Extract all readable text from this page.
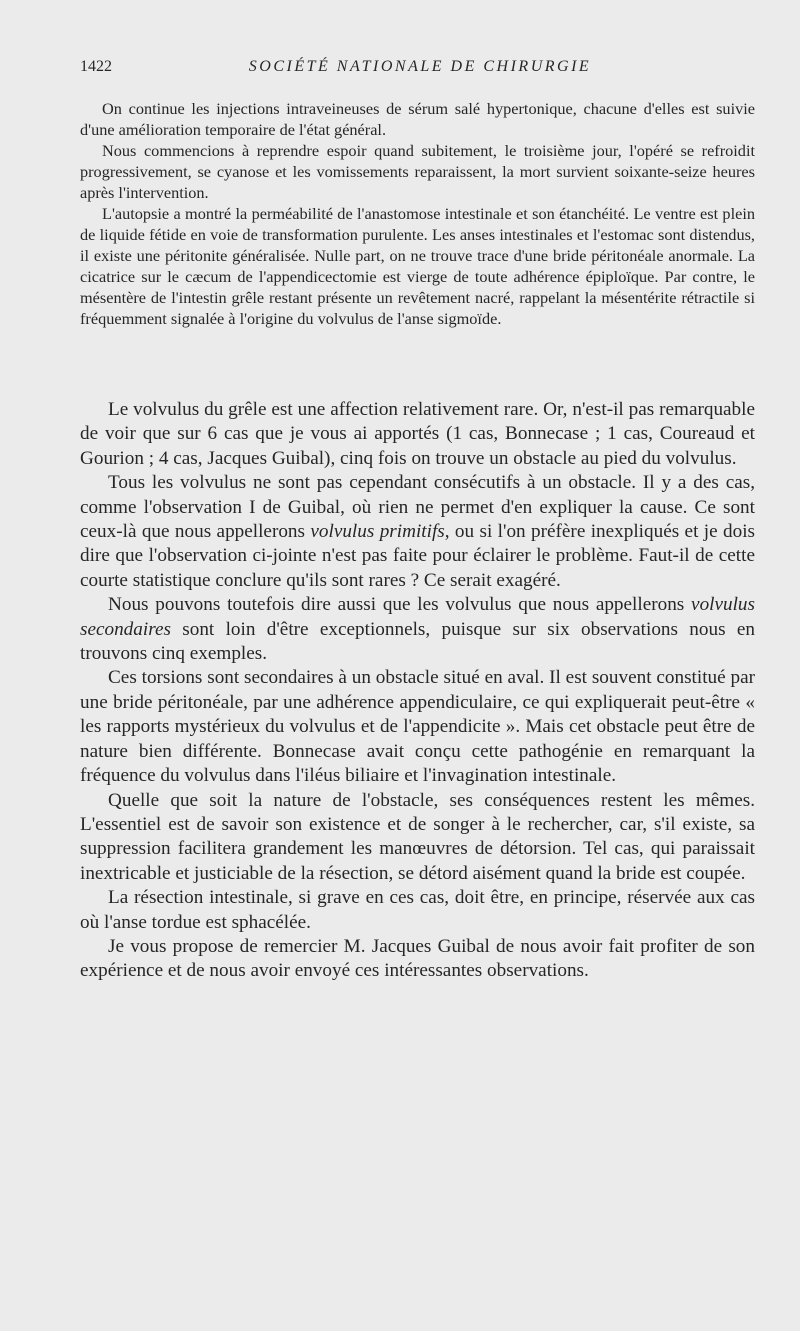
1422	SOCIÉTÉ NATIONALE DE CHIRURGIE

On continue les injections intraveineuses de sérum salé hypertonique, chacune d'elles est suivie d'une amélioration temporaire de l'état général.

Nous commencions à reprendre espoir quand subitement, le troisième jour, l'opéré se refroidit progressivement, se cyanose et les vomissements reparaissent, la mort survient soixante-seize heures après l'intervention.

L'autopsie a montré la perméabilité de l'anastomose intestinale et son étanchéité. Le ventre est plein de liquide fétide en voie de transformation purulente. Les anses intestinales et l'estomac sont distendus, il existe une péritonite généralisée. Nulle part, on ne trouve trace d'une bride péritonéale anormale. La cicatrice sur le cæcum de l'appendicectomie est vierge de toute adhérence épiploïque. Par contre, le mésentère de l'intestin grêle restant présente un revêtement nacré, rappelant la mésentérite rétractile si fréquemment signalée à l'origine du volvulus de l'anse sigmoïde.

Le volvulus du grêle est une affection relativement rare. Or, n'est-il pas remarquable de voir que sur 6 cas que je vous ai apportés (1 cas, Bonnecase ; 1 cas, Coureaud et Gourion ; 4 cas, Jacques Guibal), cinq fois on trouve un obstacle au pied du volvulus.

Tous les volvulus ne sont pas cependant consécutifs à un obstacle. Il y a des cas, comme l'observation I de Guibal, où rien ne permet d'en expliquer la cause. Ce sont ceux-là que nous appellerons volvulus primitifs, ou si l'on préfère inexpliqués et je dois dire que l'observation ci-jointe n'est pas faite pour éclairer le problème. Faut-il de cette courte statistique conclure qu'ils sont rares ? Ce serait exagéré.

Nous pouvons toutefois dire aussi que les volvulus que nous appellerons volvulus secondaires sont loin d'être exceptionnels, puisque sur six observations nous en trouvons cinq exemples.

Ces torsions sont secondaires à un obstacle situé en aval. Il est souvent constitué par une bride péritonéale, par une adhérence appendiculaire, ce qui expliquerait peut-être « les rapports mystérieux du volvulus et de l'appendicite ». Mais cet obstacle peut être de nature bien différente. Bonnecase avait conçu cette pathogénie en remarquant la fréquence du volvulus dans l'iléus biliaire et l'invagination intestinale.

Quelle que soit la nature de l'obstacle, ses conséquences restent les mêmes. L'essentiel est de savoir son existence et de songer à le rechercher, car, s'il existe, sa suppression facilitera grandement les manœuvres de détorsion. Tel cas, qui paraissait inextricable et justiciable de la résection, se détord aisément quand la bride est coupée.

La résection intestinale, si grave en ces cas, doit être, en principe, réservée aux cas où l'anse tordue est sphacélée.

Je vous propose de remercier M. Jacques Guibal de nous avoir fait profiter de son expérience et de nous avoir envoyé ces intéressantes observations.
